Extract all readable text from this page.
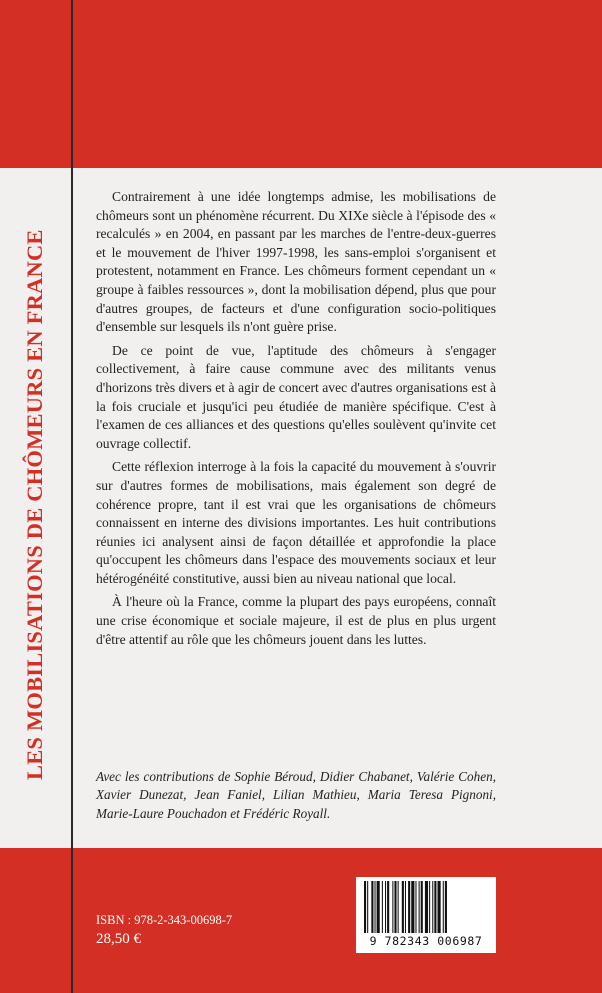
LES MOBILISATIONS DE CHÔMEURS EN FRANCE

Contrairement à une idée longtemps admise, les mobilisations de chômeurs sont un phénomène récurrent. Du XIXe siècle à l'épisode des « recalculés » en 2004, en passant par les marches de l'entre-deux-guerres et le mouvement de l'hiver 1997-1998, les sans-emploi s'organisent et protestent, notamment en France. Les chômeurs forment cependant un « groupe à faibles ressources », dont la mobilisation dépend, plus que pour d'autres groupes, de facteurs et d'une configuration socio-politiques d'ensemble sur lesquels ils n'ont guère prise.

De ce point de vue, l'aptitude des chômeurs à s'engager collectivement, à faire cause commune avec des militants venus d'horizons très divers et à agir de concert avec d'autres organisations est à la fois cruciale et jusqu'ici peu étudiée de manière spécifique. C'est à l'examen de ces alliances et des questions qu'elles soulèvent qu'invite cet ouvrage collectif.

Cette réflexion interroge à la fois la capacité du mouvement à s'ouvrir sur d'autres formes de mobilisations, mais également son degré de cohérence propre, tant il est vrai que les organisations de chômeurs connaissent en interne des divisions importantes. Les huit contributions réunies ici analysent ainsi de façon détaillée et approfondie la place qu'occupent les chômeurs dans l'espace des mouvements sociaux et leur hétérogénéité constitutive, aussi bien au niveau national que local.

À l'heure où la France, comme la plupart des pays européens, connaît une crise économique et sociale majeure, il est de plus en plus urgent d'être attentif au rôle que les chômeurs jouent dans les luttes.

Avec les contributions de Sophie Béroud, Didier Chabanet, Valérie Cohen, Xavier Dunezat, Jean Faniel, Lilian Mathieu, Maria Teresa Pignoni, Marie-Laure Pouchadon et Frédéric Royall.
ISBN : 978-2-343-00698-7
28,50 €	9 782343 006987
